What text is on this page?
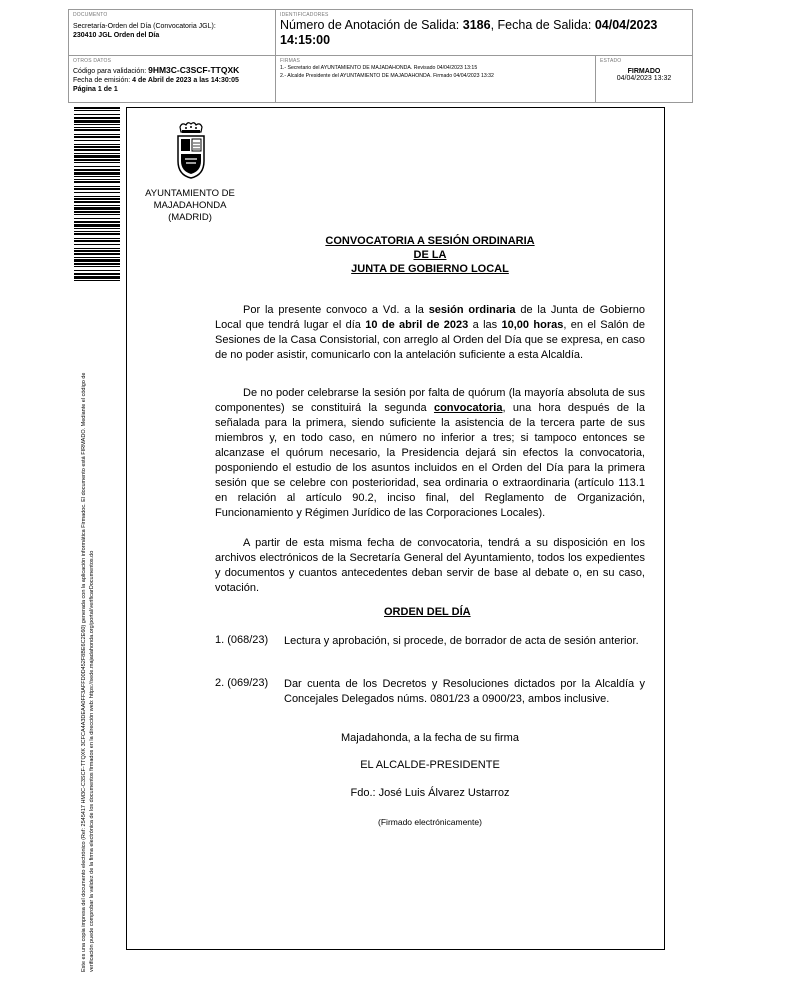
DOCUMENTO
Secretaría-Orden del Día (Convocatoria JGL):
230410 JGL Orden del Día
IDENTIFICADORES
Número de Anotación de Salida: 3186, Fecha de Salida: 04/04/2023
14:15:00
OTROS DATOS
Código para validación: 9HM3C-C3SCF-TTQXK
Fecha de emisión: 4 de Abril de 2023 a las 14:30:05
Página 1 de 1
FIRMAS
1.- Secretario del AYUNTAMIENTO DE MAJADAHONDA. Revisado 04/04/2023 13:15
2.- Alcalde Presidente del AYUNTAMIENTO DE MAJADAHONDA. Firmado 04/04/2023 13:32
ESTADO
FIRMADO
04/04/2023 13:32
Este es una copia impresa del documento electrónico (Ref: 2545417 HM3C-C3SCF-TTQXK 3CFCA4A3DEAA0FF3AFFD0D452F8BE6C2E60) generada con la aplicación informática Firmadoc. El documento está FIRMADO. Mediante el código de verificación puede comprobar la validez de la firma electrónica de los documentos firmados en la dirección web: https://sede.majadahonda.org/portal/verificarDocumentos.do
AYUNTAMIENTO DE
MAJADAHONDA
(MADRID)
CONVOCATORIA A SESIÓN ORDINARIA
DE LA
JUNTA DE GOBIERNO LOCAL
Por la presente convoco a Vd. a la sesión ordinaria de la Junta de Gobierno Local que tendrá lugar el día 10 de abril de 2023 a las 10,00 horas, en el Salón de Sesiones de la Casa Consistorial, con arreglo al Orden del Día que se expresa, en caso de no poder asistir, comunicarlo con la antelación suficiente a esta Alcaldía.
De no poder celebrarse la sesión por falta de quórum (la mayoría absoluta de sus componentes) se constituirá la segunda convocatoria, una hora después de la señalada para la primera, siendo suficiente la asistencia de la tercera parte de sus miembros y, en todo caso, en número no inferior a tres; si tampoco entonces se alcanzase el quórum necesario, la Presidencia dejará sin efectos la convocatoria, posponiendo el estudio de los asuntos incluidos en el Orden del Día para la primera sesión que se celebre con posterioridad, sea ordinaria o extraordinaria (artículo 113.1 en relación al artículo 90.2, inciso final, del Reglamento de Organización, Funcionamiento y Régimen Jurídico de las Corporaciones Locales).
A partir de esta misma fecha de convocatoria, tendrá a su disposición en los archivos electrónicos de la Secretaría General del Ayuntamiento, todos los expedientes y documentos y cuantos antecedentes deban servir de base al debate o, en su caso, votación.
ORDEN DEL DÍA
1. (068/23) Lectura y aprobación, si procede, de borrador de acta de sesión anterior.
2. (069/23) Dar cuenta de los Decretos y Resoluciones dictados por la Alcaldía y Concejales Delegados núms. 0801/23 a 0900/23, ambos inclusive.
Majadahonda, a la fecha de su firma
EL ALCALDE-PRESIDENTE
Fdo.: José Luis Álvarez Ustarroz
(Firmado electrónicamente)
